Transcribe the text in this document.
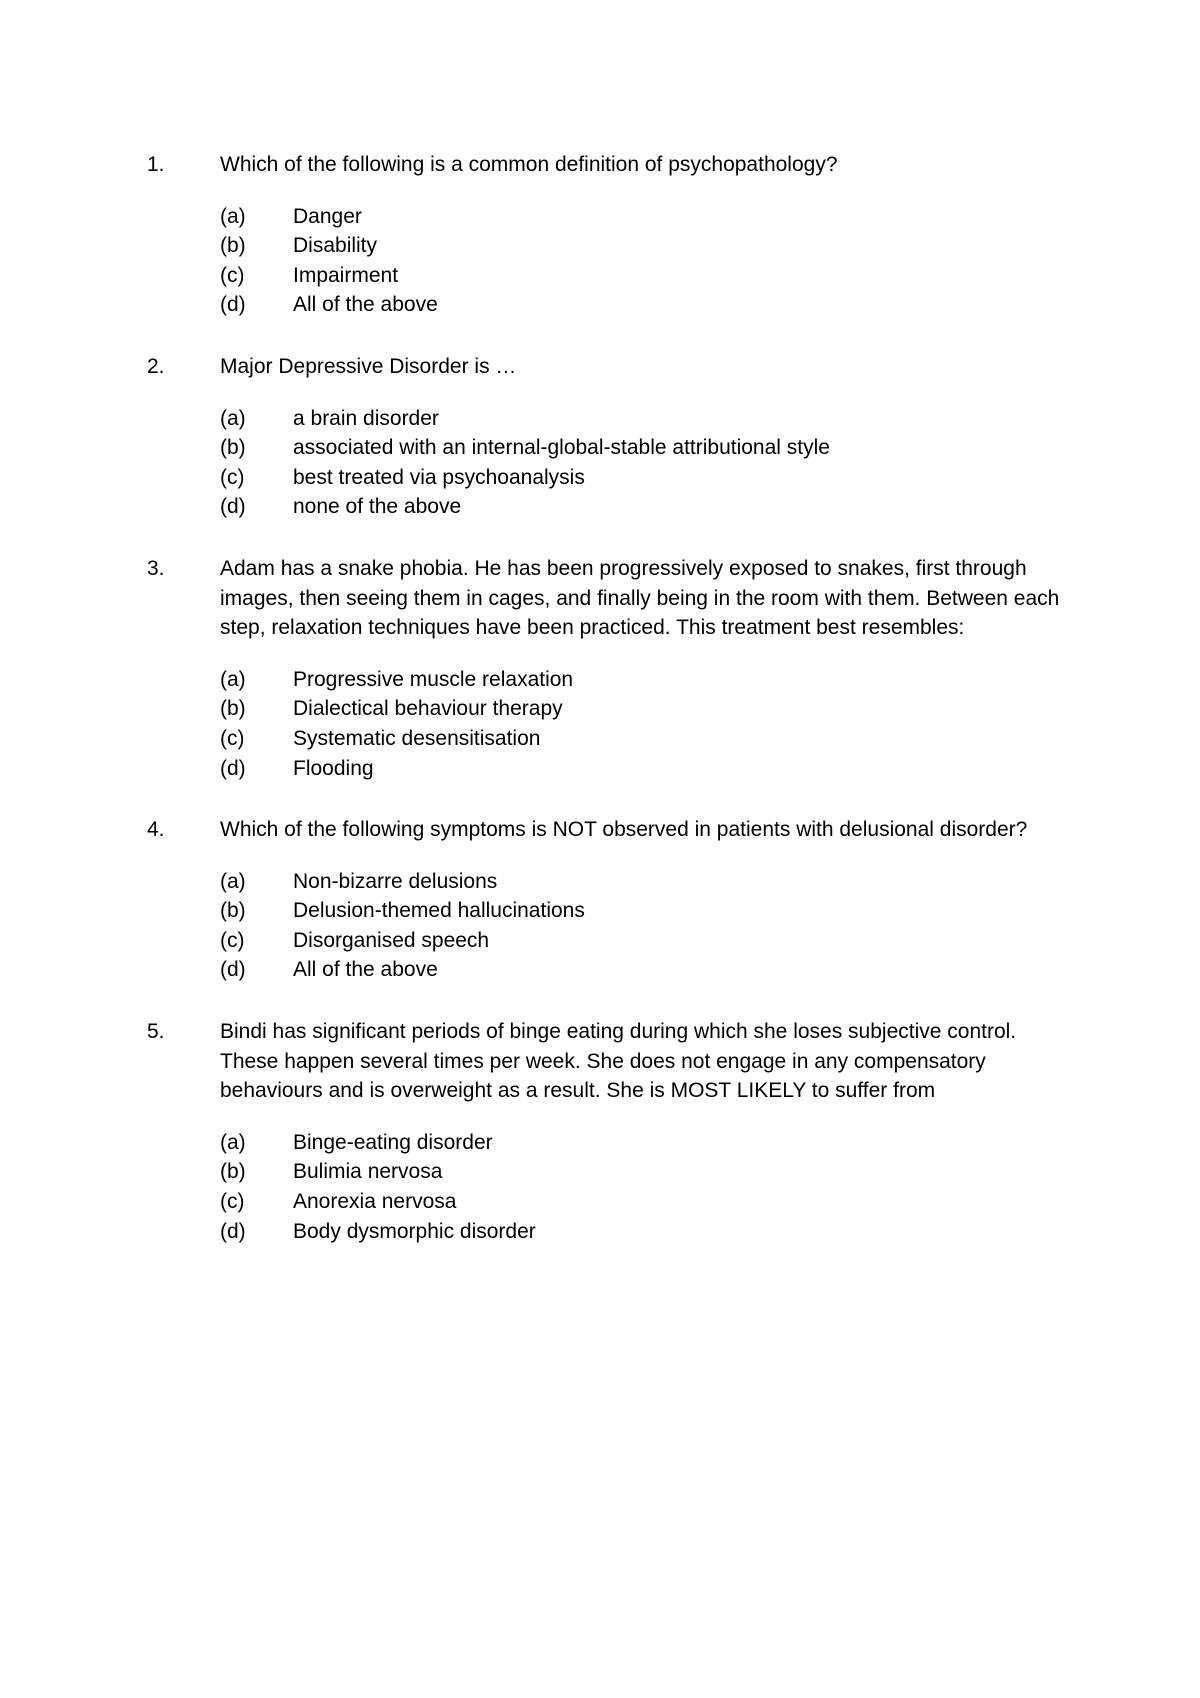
1.	Which of the following is a common definition of psychopathology?
(a)	Danger
(b)	Disability
(c)	Impairment
(d)	All of the above
2.	Major Depressive Disorder is …
(a)	a brain disorder
(b)	associated with an internal-global-stable attributional style
(c)	best treated via psychoanalysis
(d)	none of the above
3.	Adam has a snake phobia. He has been progressively exposed to snakes, first through images, then seeing them in cages, and finally being in the room with them. Between each step, relaxation techniques have been practiced. This treatment best resembles:
(a)	Progressive muscle relaxation
(b)	Dialectical behaviour therapy
(c)	Systematic desensitisation
(d)	Flooding
4.	Which of the following symptoms is NOT observed in patients with delusional disorder?
(a)	Non-bizarre delusions
(b)	Delusion-themed hallucinations
(c)	Disorganised speech
(d)	All of the above
5.	Bindi has significant periods of binge eating during which she loses subjective control. These happen several times per week. She does not engage in any compensatory behaviours and is overweight as a result. She is MOST LIKELY to suffer from
(a)	Binge-eating disorder
(b)	Bulimia nervosa
(c)	Anorexia nervosa
(d)	Body dysmorphic disorder
